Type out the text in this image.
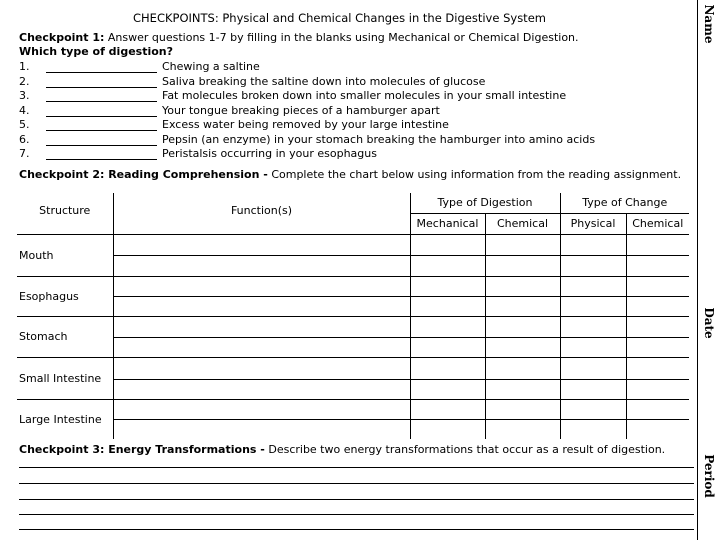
Name
Date
Period
CHECKPOINTS: Physical and Chemical Changes in the Digestive System
Checkpoint 1: Answer questions 1-7 by filling in the blanks using Mechanical or Chemical Digestion.
Which type of digestion?
1.	Chewing a saltine
2.	Saliva breaking the saltine down into molecules of glucose
3.	Fat molecules broken down into smaller molecules in your small intestine
4.	Your tongue breaking pieces of a hamburger apart
5.	Excess water being removed by your large intestine
6.	Pepsin (an enzyme) in your stomach breaking the hamburger into amino acids
7.	Peristalsis occurring in your esophagus
Checkpoint 2: Reading Comprehension - Complete the chart below using information from the reading assignment.
Structure	Function(s)	Type of Digestion		Type of Change	
		Mechanical	Chemical	Physical	Chemical
Mouth					

Esophagus					

Stomach					

Small Intestine					

Large Intestine					

Checkpoint 3: Energy Transformations - Describe two energy transformations that occur as a result of digestion.
